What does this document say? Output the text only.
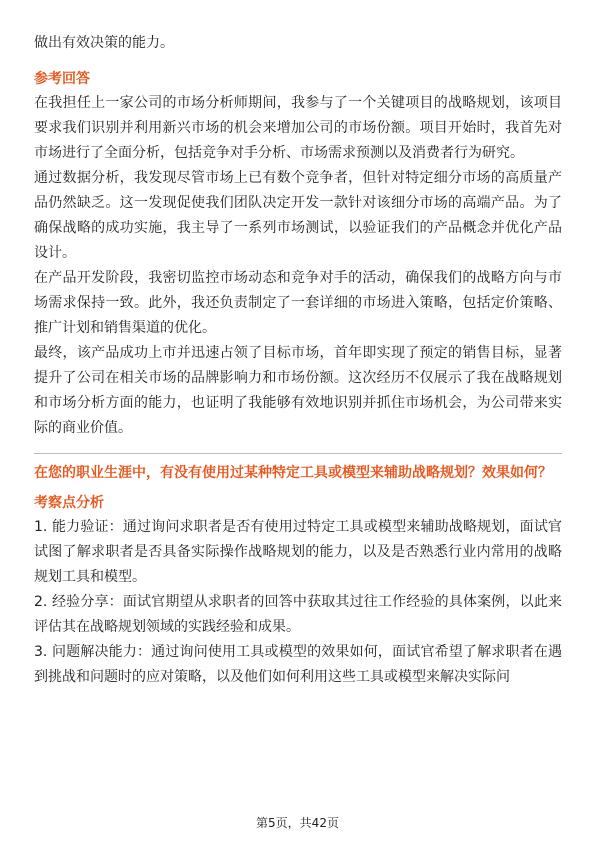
做出有效决策的能力。

参考回答

在我担任上一家公司的市场分析师期间，我参与了一个关键项目的战略规划，该项目要求我们识别并利用新兴市场的机会来增加公司的市场份额。项目开始时，我首先对市场进行了全面分析，包括竞争对手分析、市场需求预测以及消费者行为研究。

通过数据分析，我发现尽管市场上已有数个竞争者，但针对特定细分市场的高质量产品仍然缺乏。这一发现促使我们团队决定开发一款针对该细分市场的高端产品。为了确保战略的成功实施，我主导了一系列市场测试，以验证我们的产品概念并优化产品设计。

在产品开发阶段，我密切监控市场动态和竞争对手的活动，确保我们的战略方向与市场需求保持一致。此外，我还负责制定了一套详细的市场进入策略，包括定价策略、推广计划和销售渠道的优化。

最终，该产品成功上市并迅速占领了目标市场，首年即实现了预定的销售目标，显著提升了公司在相关市场的品牌影响力和市场份额。这次经历不仅展示了我在战略规划和市场分析方面的能力，也证明了我能够有效地识别并抓住市场机会，为公司带来实际的商业价值。

在您的职业生涯中，有没有使用过某种特定工具或模型来辅助战略规划？效果如何？

考察点分析

1. 能力验证：通过询问求职者是否有使用过特定工具或模型来辅助战略规划，面试官试图了解求职者是否具备实际操作战略规划的能力，以及是否熟悉行业内常用的战略规划工具和模型。

2. 经验分享：面试官期望从求职者的回答中获取其过往工作经验的具体案例，以此来评估其在战略规划领域的实践经验和成果。

3. 问题解决能力：通过询问使用工具或模型的效果如何，面试官希望了解求职者在遇到挑战和问题时的应对策略，以及他们如何利用这些工具或模型来解决实际问

第5页，共42页
